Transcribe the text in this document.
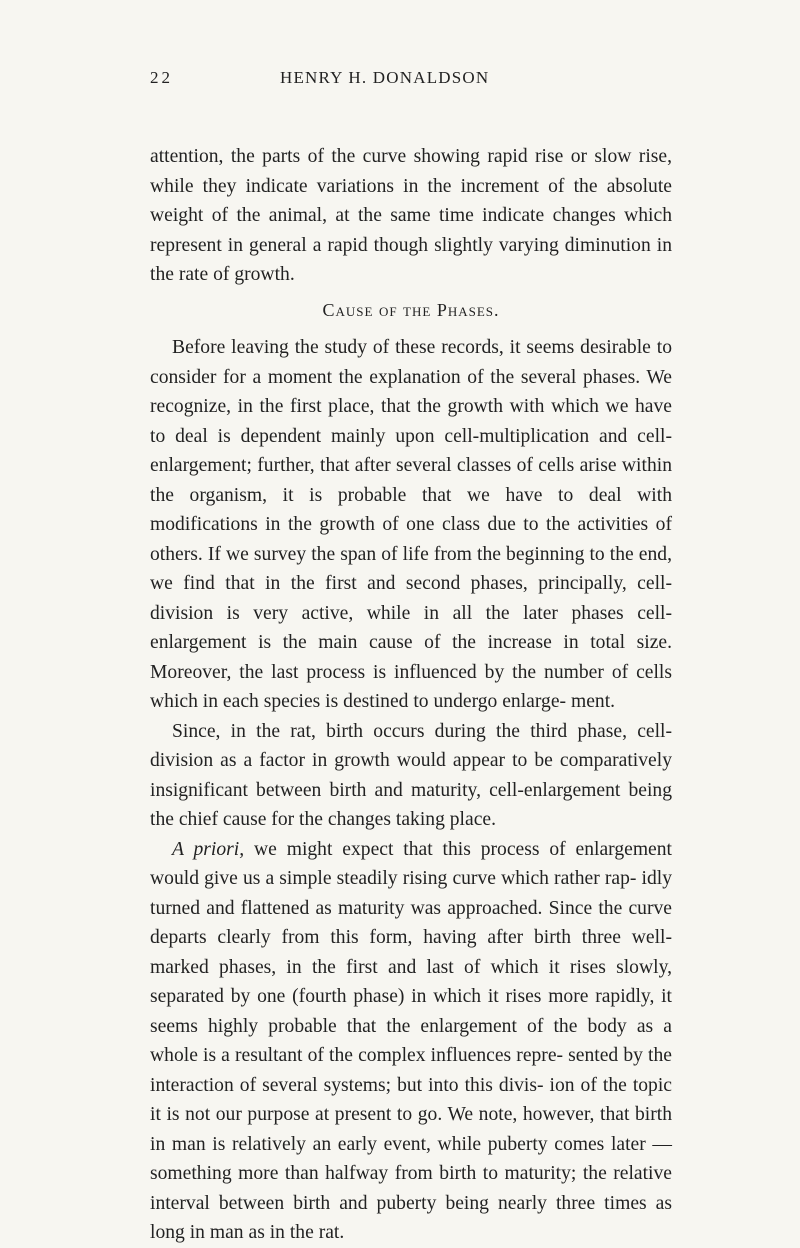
22	HENRY H. DONALDSON

attention, the parts of the curve showing rapid rise or slow rise, while they indicate variations in the increment of the absolute weight of the animal, at the same time indicate changes which represent in general a rapid though slightly varying diminution in the rate of growth.

Cause of the Phases.

Before leaving the study of these records, it seems desirable to consider for a moment the explanation of the several phases. We recognize, in the first place, that the growth with which we have to deal is dependent mainly upon cell-multiplication and cell-enlargement; further, that after several classes of cells arise within the organism, it is probable that we have to deal with modifications in the growth of one class due to the activities of others. If we survey the span of life from the beginning to the end, we find that in the first and second phases, principally, cell-division is very active, while in all the later phases cell-enlargement is the main cause of the increase in total size. Moreover, the last process is influenced by the number of cells which in each species is destined to undergo enlarge- ment.

Since, in the rat, birth occurs during the third phase, cell- division as a factor in growth would appear to be comparatively insignificant between birth and maturity, cell-enlargement being the chief cause for the changes taking place.

A priori, we might expect that this process of enlargement would give us a simple steadily rising curve which rather rap- idly turned and flattened as maturity was approached. Since the curve departs clearly from this form, having after birth three well-marked phases, in the first and last of which it rises slowly, separated by one (fourth phase) in which it rises more rapidly, it seems highly probable that the enlargement of the body as a whole is a resultant of the complex influences repre- sented by the interaction of several systems; but into this divis- ion of the topic it is not our purpose at present to go. We note, however, that birth in man is relatively an early event, while puberty comes later — something more than halfway from birth to maturity; the relative interval between birth and puberty being nearly three times as long in man as in the rat.
